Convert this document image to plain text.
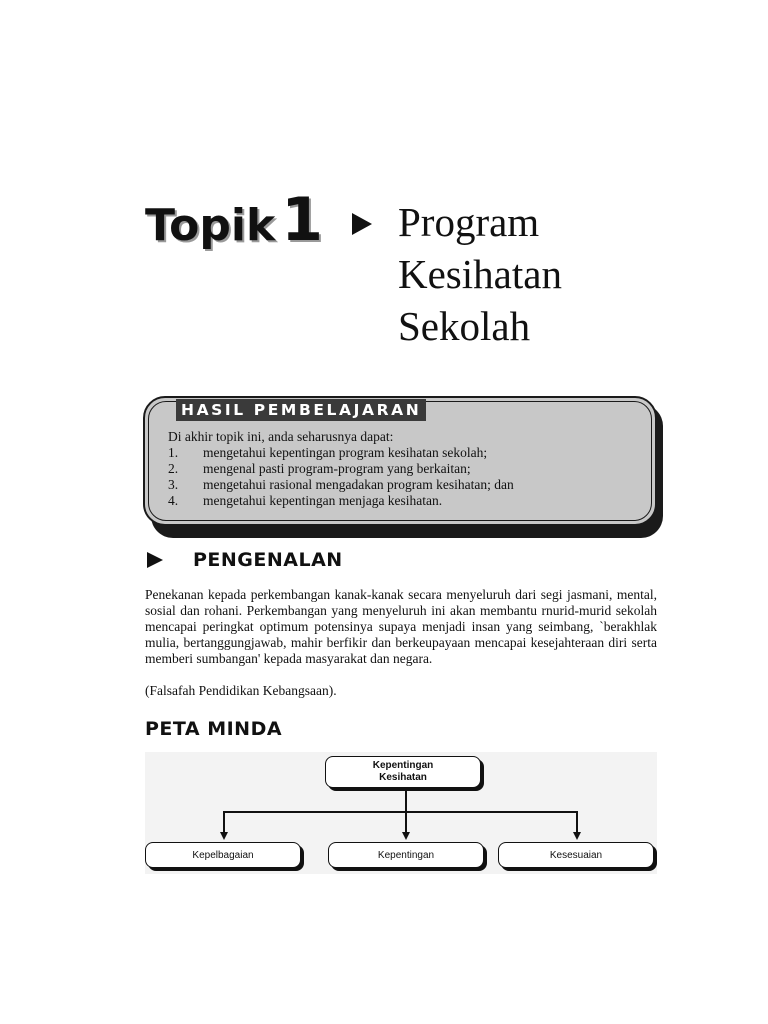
Topik 1 Program
Kesihatan
Sekolah
HASIL PEMBELAJARAN
Di akhir topik ini, anda seharusnya dapat:
1. mengetahui kepentingan program kesihatan sekolah;
2. mengenal pasti program-program yang berkaitan;
3. mengetahui rasional mengadakan program kesihatan; dan
4. mengetahui kepentingan menjaga kesihatan.
PENGENALAN

Penekanan kepada perkembangan kanak-kanak secara menyeluruh dari segi jasmani, mental, sosial dan rohani. Perkembangan yang menyeluruh ini akan membantu rnurid-murid sekolah mencapai peringkat optimum potensinya supaya menjadi insan yang seimbang, `berakhlak mulia, bertanggungjawab, mahir berfikir dan berkeupayaan mencapai kesejahteraan diri serta memberi sumbangan' kepada masyarakat dan negara.

(Falsafah Pendidikan Kebangsaan).
PETA MINDA
Kepentingan
Kesihatan
Kepelbagaian	Kepentingan	Kesesuaian
